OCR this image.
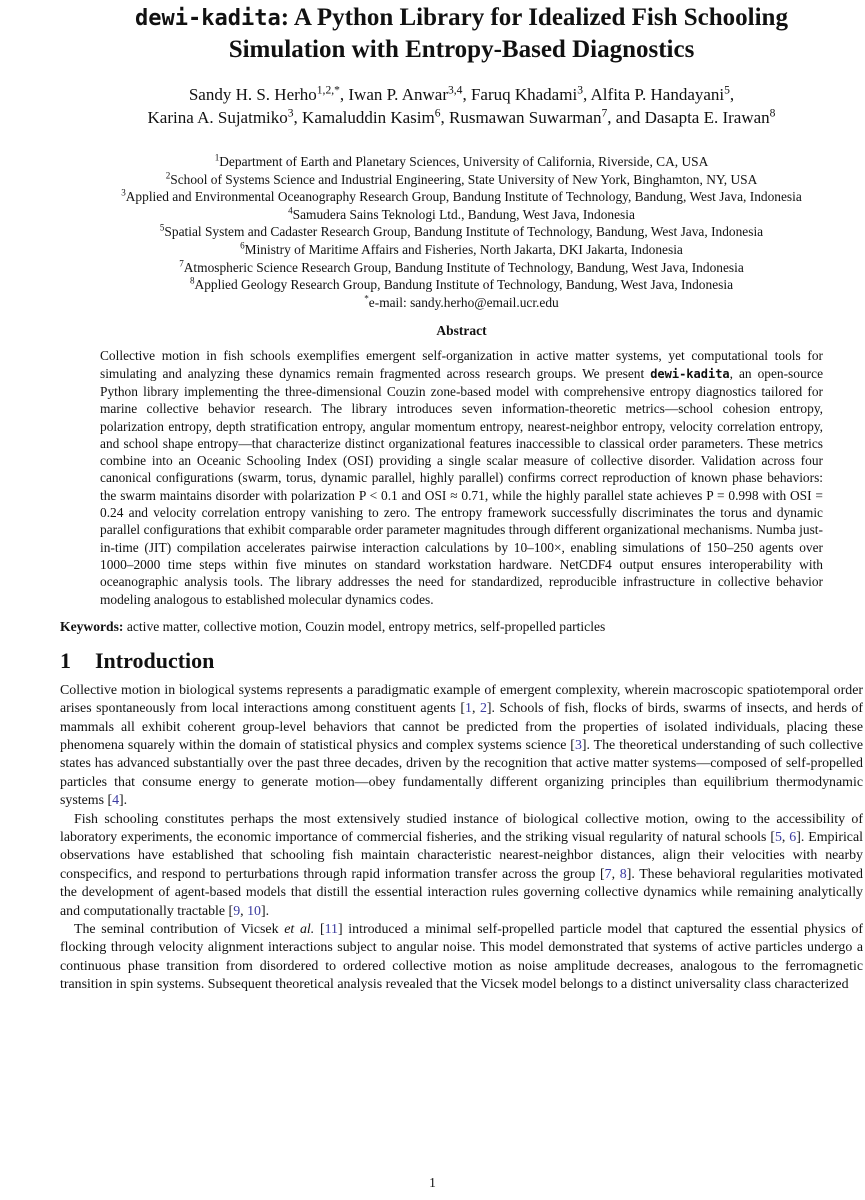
dewi-kadita: A Python Library for Idealized Fish Schooling
Simulation with Entropy-Based Diagnostics
Sandy H. S. Herho$^{1,2,*}$, Iwan P. Anwar$^{3,4}$, Faruq Khadami$^3$, Alfita P. Handayani$^5$,
Karina A. Sujatmiko$^3$, Kamaluddin Kasim$^6$, Rusmawan Suwarman$^7$, and Dasapta E. Irawan$^8$
$^1$Department of Earth and Planetary Sciences, University of California, Riverside, CA, USA
$^2$School of Systems Science and Industrial Engineering, State University of New York, Binghamton, NY, USA
$^3$Applied and Environmental Oceanography Research Group, Bandung Institute of Technology, Bandung, West Java, Indonesia
$^4$Samudera Sains Teknologi Ltd., Bandung, West Java, Indonesia
$^5$Spatial System and Cadaster Research Group, Bandung Institute of Technology, Bandung, West Java, Indonesia
$^6$Ministry of Maritime Affairs and Fisheries, North Jakarta, DKI Jakarta, Indonesia
$^7$Atmospheric Science Research Group, Bandung Institute of Technology, Bandung, West Java, Indonesia
$^8$Applied Geology Research Group, Bandung Institute of Technology, Bandung, West Java, Indonesia
*e-mail: sandy.herho@email.ucr.edu
Abstract
Collective motion in fish schools exemplifies emergent self-organization in active matter systems, yet computational tools for simulating and analyzing these dynamics remain fragmented across research groups. We present dewi-kadita, an open-source Python library implementing the three-dimensional Couzin zone-based model with comprehensive entropy diagnostics tailored for marine collective behavior research. The library introduces seven information-theoretic metrics—school cohesion entropy, polarization entropy, depth stratification entropy, angular momentum entropy, nearest-neighbor entropy, velocity correlation entropy, and school shape entropy—that characterize distinct organizational features inaccessible to classical order parameters. These metrics combine into an Oceanic Schooling Index (OSI) providing a single scalar measure of collective disorder. Validation across four canonical configurations (swarm, torus, dynamic parallel, highly parallel) confirms correct reproduction of known phase behaviors: the swarm maintains disorder with polarization P < 0.1 and OSI ≈ 0.71, while the highly parallel state achieves P = 0.998 with OSI = 0.24 and velocity correlation entropy vanishing to zero. The entropy framework successfully discriminates the torus and dynamic parallel configurations that exhibit comparable order parameter magnitudes through different organizational mechanisms. Numba just-in-time (JIT) compilation accelerates pairwise interaction calculations by 10–100×, enabling simulations of 150–250 agents over 1000–2000 time steps within five minutes on standard workstation hardware. NetCDF4 output ensures interoperability with oceanographic analysis tools. The library addresses the need for standardized, reproducible infrastructure in collective behavior modeling analogous to established molecular dynamics codes.
Keywords: active matter, collective motion, Couzin model, entropy metrics, self-propelled particles
1 Introduction

Collective motion in biological systems represents a paradigmatic example of emergent complexity, wherein macroscopic spatiotemporal order arises spontaneously from local interactions among constituent agents [1, 2]. Schools of fish, flocks of birds, swarms of insects, and herds of mammals all exhibit coherent group-level behaviors that cannot be predicted from the properties of isolated individuals, placing these phenomena squarely within the domain of statistical physics and complex systems science [3]. The theoretical understanding of such collective states has advanced substantially over the past three decades, driven by the recognition that active matter systems—composed of self-propelled particles that consume energy to generate motion—obey fundamentally different organizing principles than equilibrium thermodynamic systems [4].

Fish schooling constitutes perhaps the most extensively studied instance of biological collective motion, owing to the accessibility of laboratory experiments, the economic importance of commercial fisheries, and the striking visual regularity of natural schools [5, 6]. Empirical observations have established that schooling fish maintain characteristic nearest-neighbor distances, align their velocities with nearby conspecifics, and respond to perturbations through rapid information transfer across the group [7, 8]. These behavioral regularities motivated the development of agent-based models that distill the essential interaction rules governing collective dynamics while remaining analytically and computationally tractable [9, 10].

The seminal contribution of Vicsek et al. [11] introduced a minimal self-propelled particle model that captured the essential physics of flocking through velocity alignment interactions subject to angular noise. This model demonstrated that systems of active particles undergo a continuous phase transition from disordered to ordered collective motion as noise amplitude decreases, analogous to the ferromagnetic transition in spin systems. Subsequent theoretical analysis revealed that the Vicsek model belongs to a distinct universality class characterized

1
